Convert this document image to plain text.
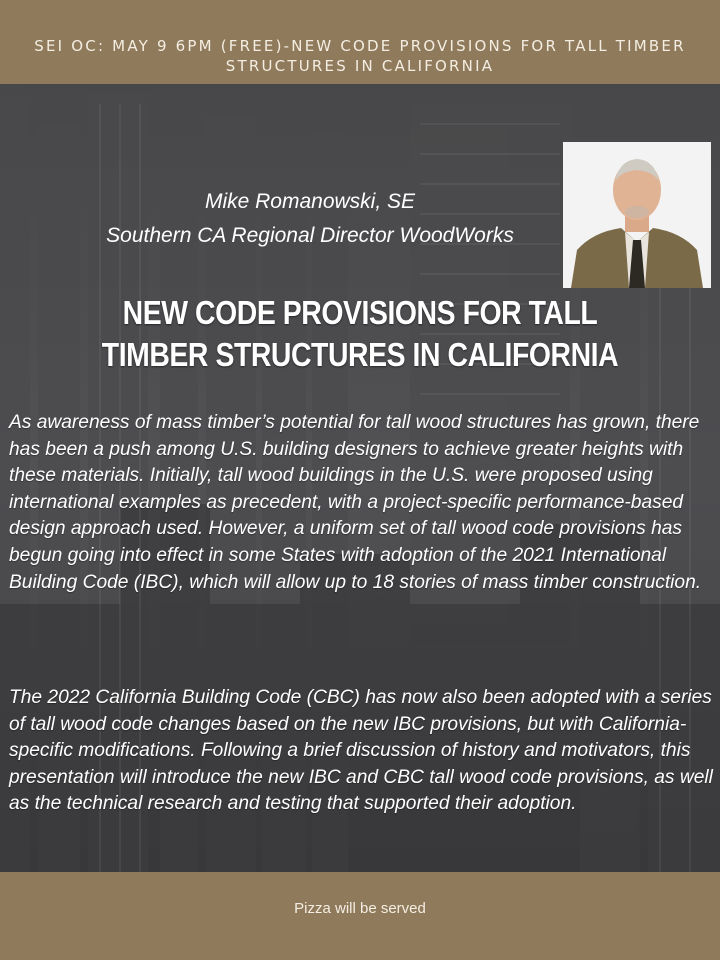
SEI OC: MAY 9 6PM (FREE)-NEW CODE PROVISIONS FOR TALL TIMBER STRUCTURES IN CALIFORNIA
Mike Romanowski, SE
Southern CA Regional Director WoodWorks
NEW CODE PROVISIONS FOR TALL TIMBER STRUCTURES IN CALIFORNIA
As awareness of mass timber’s potential for tall wood structures has grown, there has been a push among U.S. building designers to achieve greater heights with these materials. Initially, tall wood buildings in the U.S. were proposed using international examples as precedent, with a project-specific performance-based design approach used. However, a uniform set of tall wood code provisions has begun going into effect in some States with adoption of the 2021 International Building Code (IBC), which will allow up to 18 stories of mass timber construction.
The 2022 California Building Code (CBC) has now also been adopted with a series of tall wood code changes based on the new IBC provisions, but with California-specific modifications. Following a brief discussion of history and motivators, this presentation will introduce the new IBC and CBC tall wood code provisions, as well as the technical research and testing that supported their adoption.
Pizza will be served
